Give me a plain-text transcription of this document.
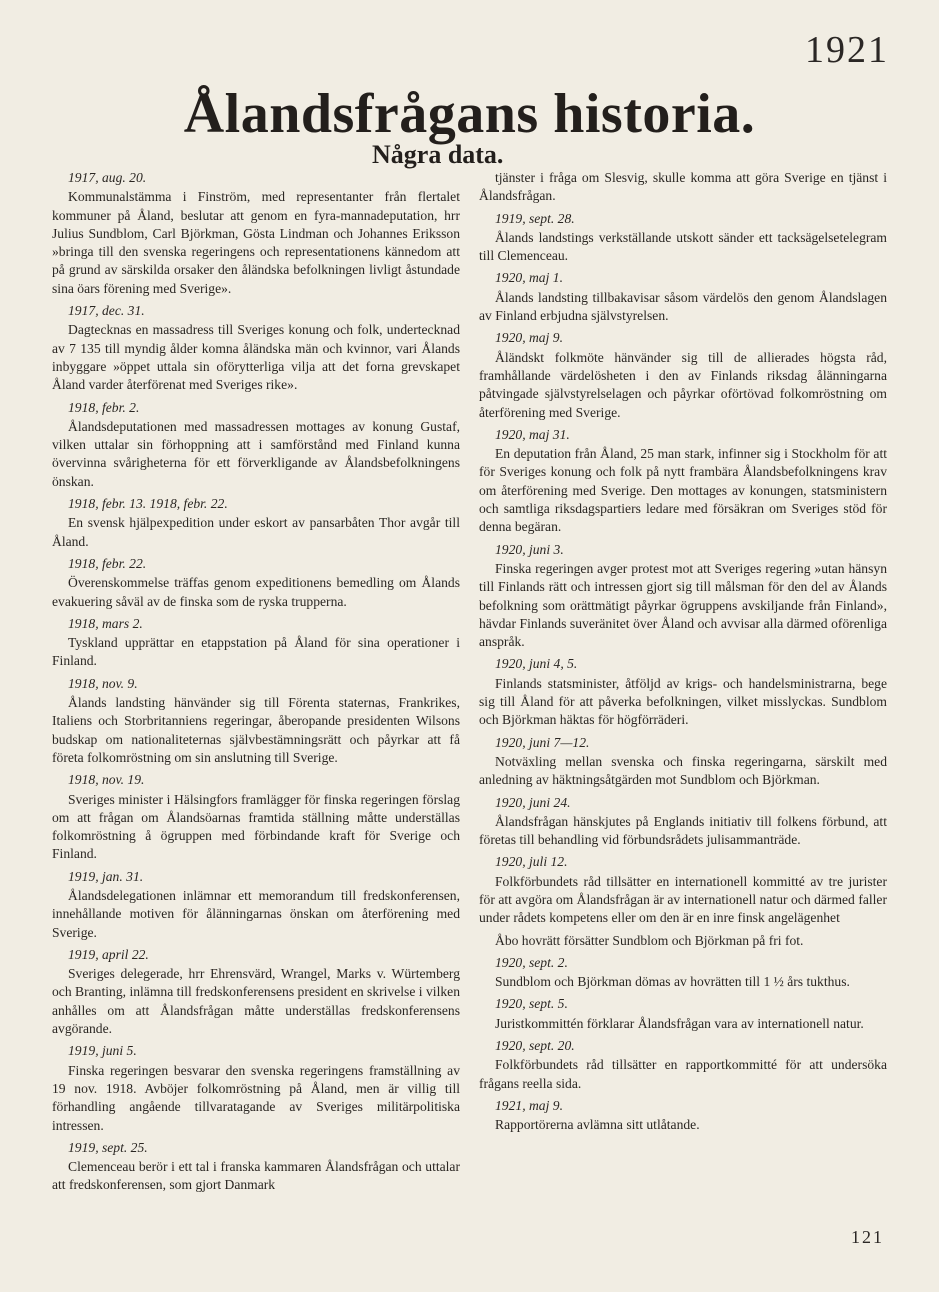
1921
Ålandsfrågans historia.
Några data.
1917, aug. 20.
Kommunalstämma i Finström, med representanter från flertalet kommuner på Åland, beslutar att genom en fyra-mannadeputation, hrr Julius Sundblom, Carl Björkman, Gösta Lindman och Johannes Eriksson »bringa till den svenska regeringens och representationens kännedom att på grund av särskilda orsaker den åländska befolkningen livligt åstundade sina öars förening med Sverige».
1917, dec. 31.
Dagtecknas en massadress till Sveriges konung och folk, undertecknad av 7 135 till myndig ålder komna åländska män och kvinnor, vari Ålands inbyggare »öppet uttala sin oförytterliga vilja att det forna grevskapet Åland varder återförenat med Sveriges rike».
1918, febr. 2.
Ålandsdeputationen med massadressen mottages av konung Gustaf, vilken uttalar sin förhoppning att i samförstånd med Finland kunna övervinna svårigheterna för ett förverkligande av Ålandsbefolkningens önskan.
1918, febr. 13. 1918, febr. 22.
En svensk hjälpexpedition under eskort av pansarbåten Thor avgår till Åland.
1918, febr. 22.
Överenskommelse träffas genom expeditionens bemedling om Ålands evakuering såväl av de finska som de ryska trupperna.
1918, mars 2.
Tyskland upprättar en etappstation på Åland för sina operationer i Finland.
1918, nov. 9.
Ålands landsting hänvänder sig till Förenta staternas, Frankrikes, Italiens och Storbritanniens regeringar, åberopande presidenten Wilsons budskap om nationaliteternas självbestämningsrätt och påyrkar att få företa folkomröstning om sin anslutning till Sverige.
1918, nov. 19.
Sveriges minister i Hälsingfors framlägger för finska regeringen förslag om att frågan om Ålandsöarnas framtida ställning måtte underställas folkomröstning å ögruppen med förbindande kraft för Sverige och Finland.
1919, jan. 31.
Ålandsdelegationen inlämnar ett memorandum till fredskonferensen, innehållande motiven för ålänningarnas önskan om återförening med Sverige.
1919, april 22.
Sveriges delegerade, hrr Ehrensvärd, Wrangel, Marks v. Würtemberg och Branting, inlämna till fredskonferensens president en skrivelse i vilken anhålles om att Ålandsfrågan måtte underställas fredskonferensens avgörande.
1919, juni 5.
Finska regeringen besvarar den svenska regeringens framställning av 19 nov. 1918. Avböjer folkomröstning på Åland, men är villig till förhandling angående tillvaratagande av Sveriges militärpolitiska intressen.
1919, sept. 25.
Clemenceau berör i ett tal i franska kammaren Ålandsfrågan och uttalar att fredskonferensen, som gjort Danmark
tjänster i fråga om Slesvig, skulle komma att göra Sverige en tjänst i Ålandsfrågan.
1919, sept. 28.
Ålands landstings verkställande utskott sänder ett tacksägelsetelegram till Clemenceau.
1920, maj 1.
Ålands landsting tillbakavisar såsom värdelös den genom Ålandslagen av Finland erbjudna självstyrelsen.
1920, maj 9.
Åländskt folkmöte hänvänder sig till de allierades högsta råd, framhållande värdelösheten i den av Finlands riksdag ålänningarna påtvingade självstyrelselagen och påyrkar oförtövad folkomröstning om återförening med Sverige.
1920, maj 31.
En deputation från Åland, 25 man stark, infinner sig i Stockholm för att för Sveriges konung och folk på nytt frambära Ålandsbefolkningens krav om återförening med Sverige. Den mottages av konungen, statsministern och samtliga riksdagspartiers ledare med försäkran om Sveriges stöd för denna begäran.
1920, juni 3.
Finska regeringen avger protest mot att Sveriges regering »utan hänsyn till Finlands rätt och intressen gjort sig till målsman för den del av Ålands befolkning som orättmätigt påyrkar ögruppens avskiljande från Finland», hävdar Finlands suveränitet över Åland och avvisar alla därmed oförenliga anspråk.
1920, juni 4, 5.
Finlands statsminister, åtföljd av krigs- och handelsministrarna, bege sig till Åland för att påverka befolkningen, vilket misslyckas. Sundblom och Björkman häktas för högförräderi.
1920, juni 7—12.
Notväxling mellan svenska och finska regeringarna, särskilt med anledning av häktningsåtgärden mot Sundblom och Björkman.
1920, juni 24.
Ålandsfrågan hänskjutes på Englands initiativ till folkens förbund, att företas till behandling vid förbundsrådets julisammanträde.
1920, juli 12.
Folkförbundets råd tillsätter en internationell kommitté av tre jurister för att avgöra om Ålandsfrågan är av internationell natur och därmed faller under rådets kompetens eller om den är en inre finsk angelägenhet
Åbo hovrätt försätter Sundblom och Björkman på fri fot.
1920, sept. 2.
Sundblom och Björkman dömas av hovrätten till 1 ½ års tukthus.
1920, sept. 5.
Juristkommittén förklarar Ålandsfrågan vara av internationell natur.
1920, sept. 20.
Folkförbundets råd tillsätter en rapportkommitté för att undersöka frågans reella sida.
1921, maj 9.
Rapportörerna avlämna sitt utlåtande.
121
